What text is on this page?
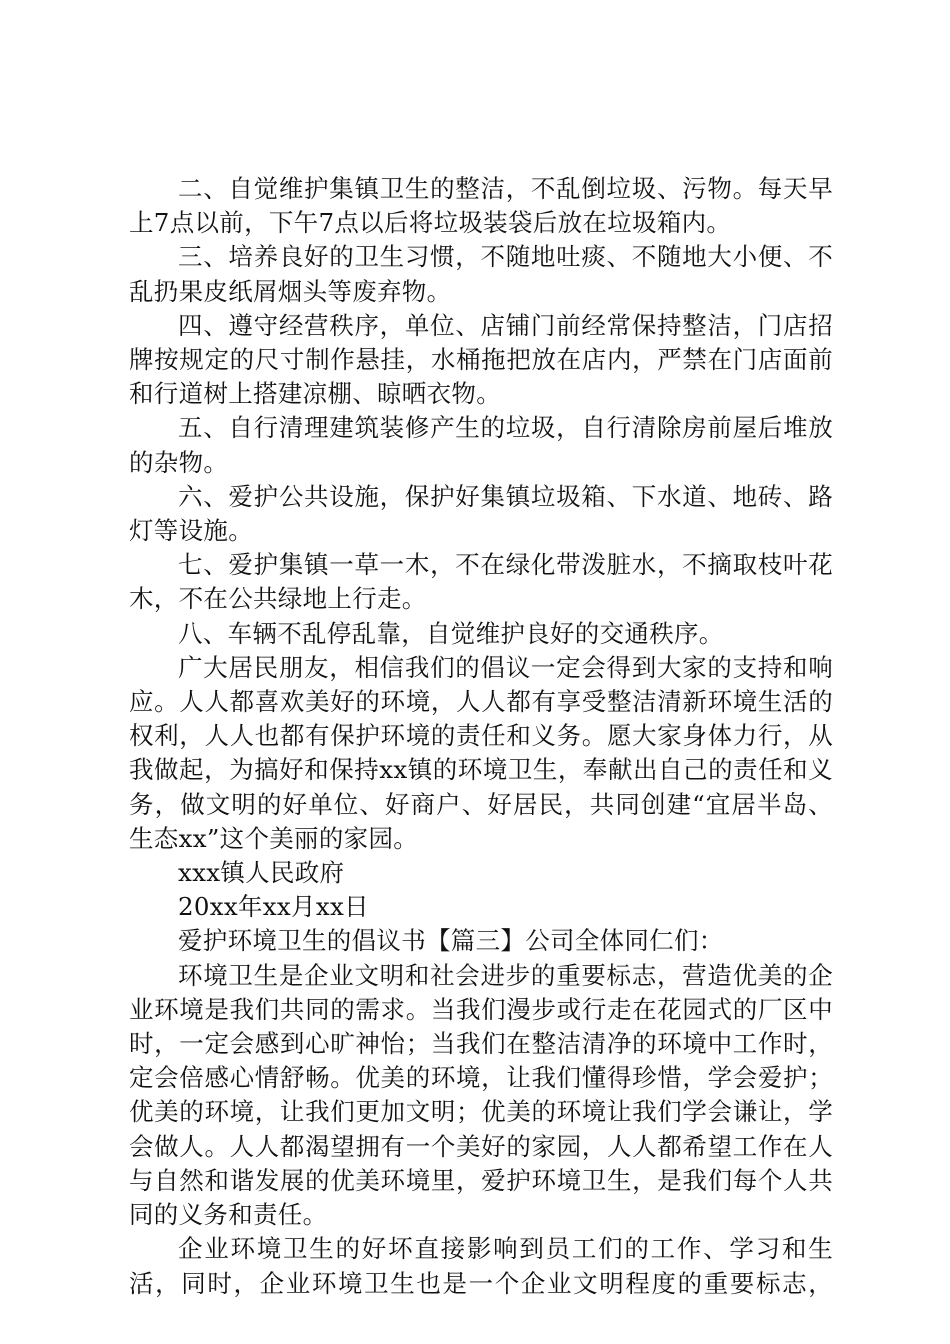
二、自觉维护集镇卫生的整洁，不乱倒垃圾、污物。每天早上7点以前，下午7点以后将垃圾装袋后放在垃圾箱内。

三、培养良好的卫生习惯，不随地吐痰、不随地大小便、不乱扔果皮纸屑烟头等废弃物。

四、遵守经营秩序，单位、店铺门前经常保持整洁，门店招牌按规定的尺寸制作悬挂，水桶拖把放在店内，严禁在门店面前和行道树上搭建凉棚、晾晒衣物。

五、自行清理建筑装修产生的垃圾，自行清除房前屋后堆放的杂物。

六、爱护公共设施，保护好集镇垃圾箱、下水道、地砖、路灯等设施。

七、爱护集镇一草一木，不在绿化带泼脏水，不摘取枝叶花木，不在公共绿地上行走。

八、车辆不乱停乱靠，自觉维护良好的交通秩序。

广大居民朋友，相信我们的倡议一定会得到大家的支持和响应。人人都喜欢美好的环境，人人都有享受整洁清新环境生活的权利，人人也都有保护环境的责任和义务。愿大家身体力行，从我做起，为搞好和保持xx镇的环境卫生，奉献出自己的责任和义务，做文明的好单位、好商户、好居民，共同创建“宜居半岛、生态xx”这个美丽的家园。

xxx镇人民政府

20xx年xx月xx日

爱护环境卫生的倡议书【篇三】公司全体同仁们：

环境卫生是企业文明和社会进步的重要标志，营造优美的企业环境是我们共同的需求。当我们漫步或行走在花园式的厂区中时，一定会感到心旷神怡；当我们在整洁清净的环境中工作时，定会倍感心情舒畅。优美的环境，让我们懂得珍惜，学会爱护；优美的环境，让我们更加文明；优美的环境让我们学会谦让，学会做人。人人都渴望拥有一个美好的家园，人人都希望工作在人与自然和谐发展的优美环境里，爱护环境卫生，是我们每个人共同的义务和责任。

企业环境卫生的好坏直接影响到员工们的工作、学习和生活，同时，企业环境卫生也是一个企业文明程度的重要标志，
